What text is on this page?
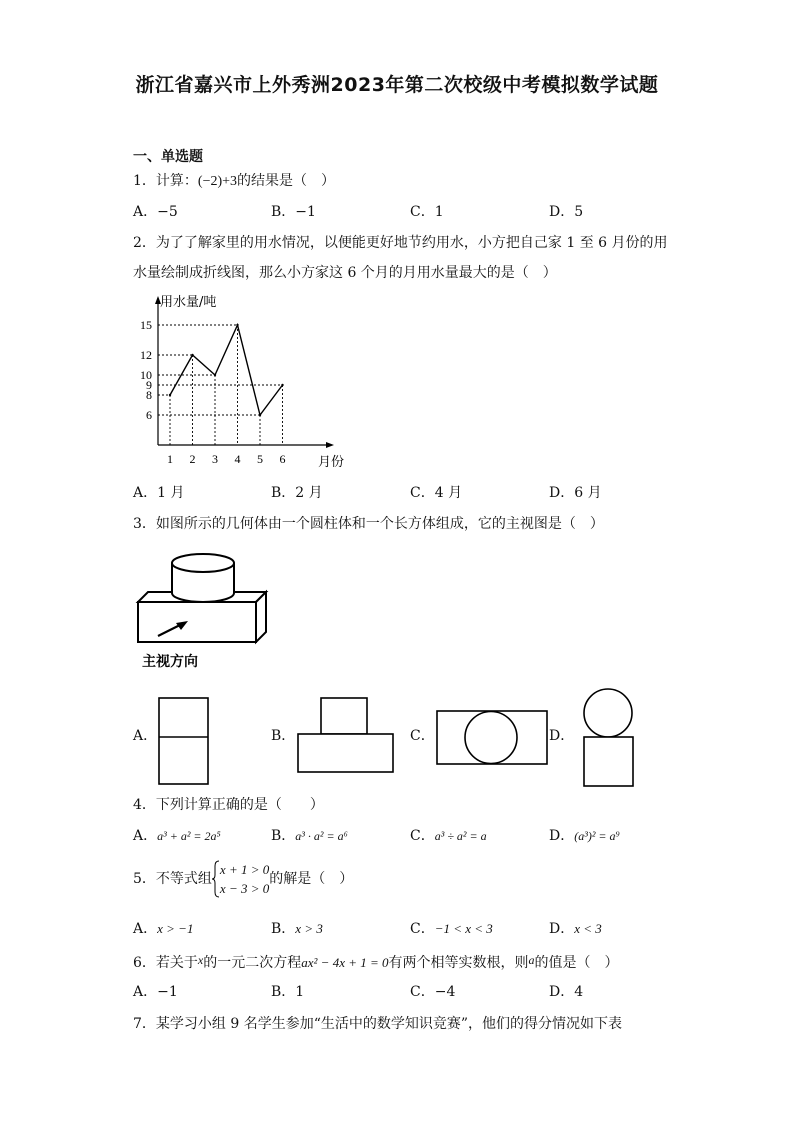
浙江省嘉兴市上外秀洲2023年第二次校级中考模拟数学试题
一、单选题
1．计算：(−2)+3的结果是（　）
A．−5	B．−1	C．1	D．5
2．为了了解家里的用水情况，以便能更好地节约用水，小方把自己家 1 至 6 月份的用
水量绘制成折线图，那么小方家这 6 个月的月用水量最大的是（　）
用水量/吨
月份
15
12
10
9
8
6
1 2 3 4 5 6
A．1 月	B．2 月	C．4 月	D．6 月
3．如图所示的几何体由一个圆柱体和一个长方体组成，它的主视图是（　）
主视方向
A．	B．	C．	D．
4．下列计算正确的是（　　）
A．a³ + a² = 2a⁵	B．a³ · a² = a⁶	C．a³ ÷ a² = a	D．(a³)² = a⁹
5．不等式组
x + 1 > 0
x − 3 > 0
的解是（　）
A．x > −1	B．x > 3	C．−1 < x < 3	D．x < 3
6．若关于x的一元二次方程ax² − 4x + 1 = 0有两个相等实数根，则a的值是（　）
A．−1	B．1	C．−4	D．4
7．某学习小组 9 名学生参加“生活中的数学知识竞赛”，他们的得分情况如下表
